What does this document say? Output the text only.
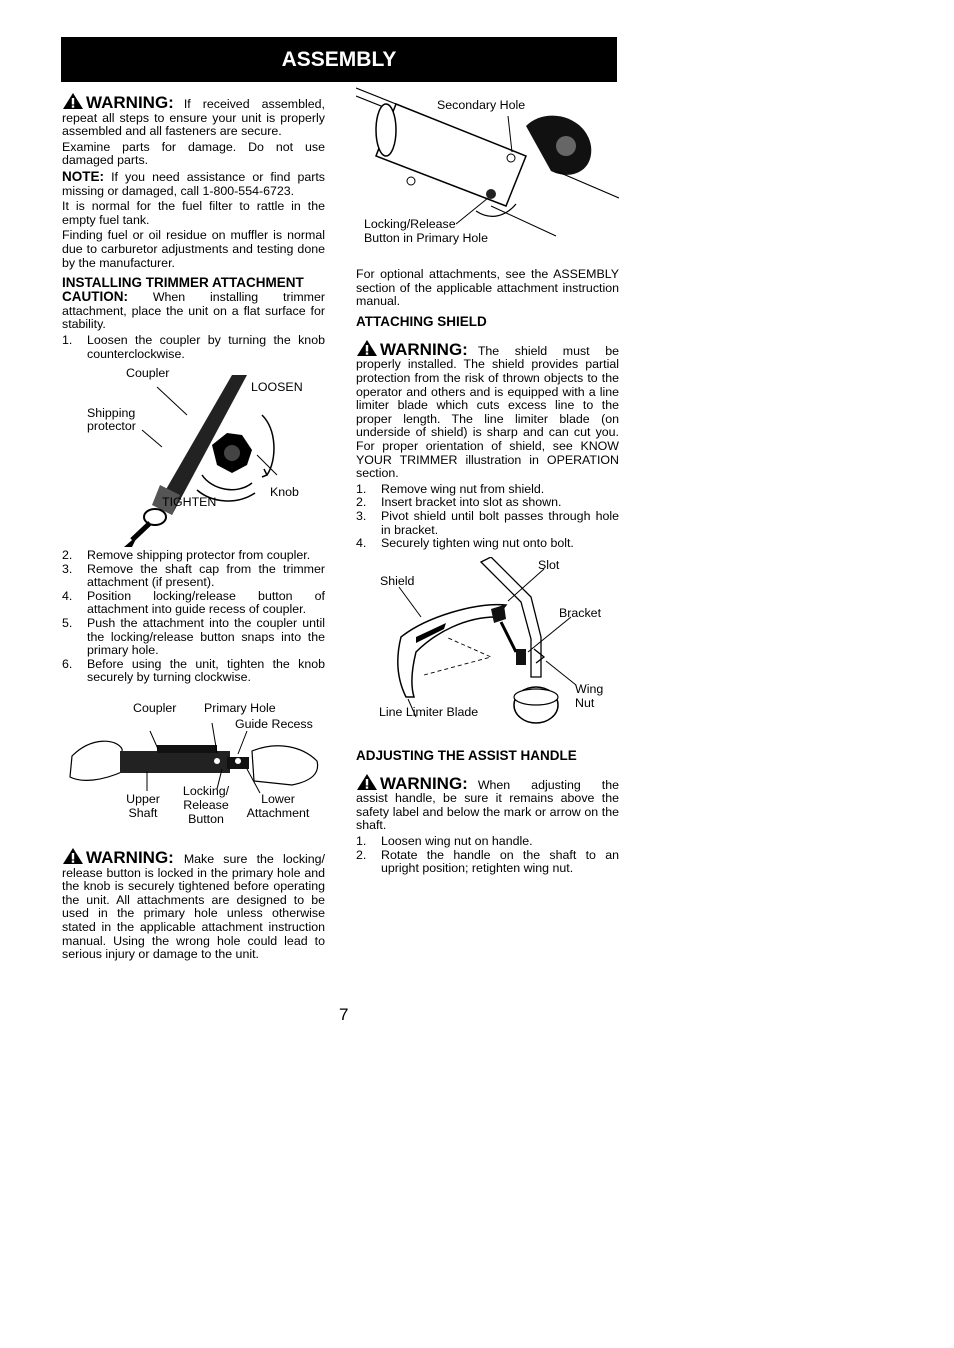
ASSEMBLY

WARNING: If received assembled, repeat all steps to ensure your unit is properly assembled and all fasteners are secure.

Examine parts for damage. Do not use damaged parts.

NOTE: If you need assistance or find parts missing or damaged, call 1-800-554-6723.

It is normal for the fuel filter to rattle in the empty fuel tank.

Finding fuel or oil residue on muffler is normal due to carburetor adjustments and testing done by the manufacturer.

INSTALLING TRIMMER ATTACHMENT

CAUTION: When installing trimmer attachment, place the unit on a flat surface for stability.

1. Loosen the coupler by turning the knob counterclockwise.
Coupler
LOOSEN
Shipping
protector
Knob
TIGHTEN
2. Remove shipping protector from coupler.
3. Remove the shaft cap from the trimmer attachment (if present).
4. Position locking/release button of attachment into guide recess of coupler.
5. Push the attachment into the coupler until the locking/release button snaps into the primary hole.
6. Before using the unit, tighten the knob securely by turning clockwise.
Coupler Primary Hole
Guide Recess
Upper
Shaft
Locking/
Release
Button
Lower
Attachment

WARNING: Make sure the locking/ release button is locked in the primary hole and the knob is securely tightened before operating the unit. All attachments are designed to be used in the primary hole unless otherwise stated in the applicable attachment instruction manual. Using the wrong hole could lead to serious injury or damage to the unit.

Secondary Hole
Locking/Release
Button in Primary Hole

For optional attachments, see the ASSEMBLY section of the applicable attachment instruction manual.

ATTACHING SHIELD

WARNING: The shield must be properly installed. The shield provides partial protection from the risk of thrown objects to the operator and others and is equipped with a line limiter blade which cuts excess line to the proper length. The line limiter blade (on underside of shield) is sharp and can cut you. For proper orientation of shield, see KNOW YOUR TRIMMER illustration in OPERATION section.

1. Remove wing nut from shield.
2. Insert bracket into slot as shown.
3. Pivot shield until bolt passes through hole in bracket.
4. Securely tighten wing nut onto bolt.
Slot
Shield
Bracket
Wing
Nut
Line Limiter Blade
ADJUSTING THE ASSIST HANDLE

WARNING: When adjusting the assist handle, be sure it remains above the safety label and below the mark or arrow on the shaft.

1. Loosen wing nut on handle.
2. Rotate the handle on the shaft to an upright position; retighten wing nut.
7
